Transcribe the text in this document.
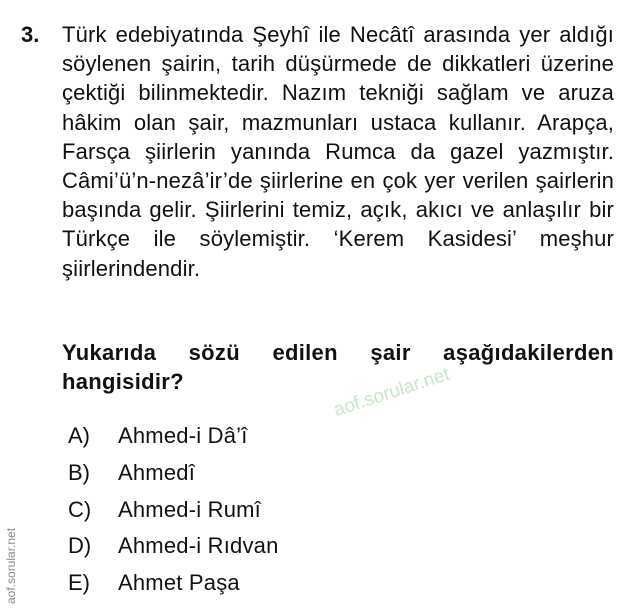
3. Türk edebiyatında Şeyhî ile Necâtî arasında yer aldığı söylenen şairin, tarih düşürmede de dikkatleri üzerine çektiği bilinmektedir. Nazım tekniği sağlam ve aruza hâkim olan şair, mazmunları ustaca kullanır. Arapça, Farsça şiirlerin yanında Rumca da gazel yazmıştır. Câmi’ü’n-nezâ’ir’de şiirlerine en çok yer verilen şairlerin başında gelir. Şiirlerini temiz, açık, akıcı ve anlaşılır bir Türkçe ile söylemiştir. ‘Kerem Kasidesi’ meşhur şiirlerindendir.
Yukarıda sözü edilen şair aşağıdakilerden hangisidir?
A)	Ahmed-i Dâ’î
B)	Ahmedî
C)	Ahmed-i Rumî
D)	Ahmed-i Rıdvan
E)	Ahmet Paşa
aof.sorular.net
aof.sorular.net
